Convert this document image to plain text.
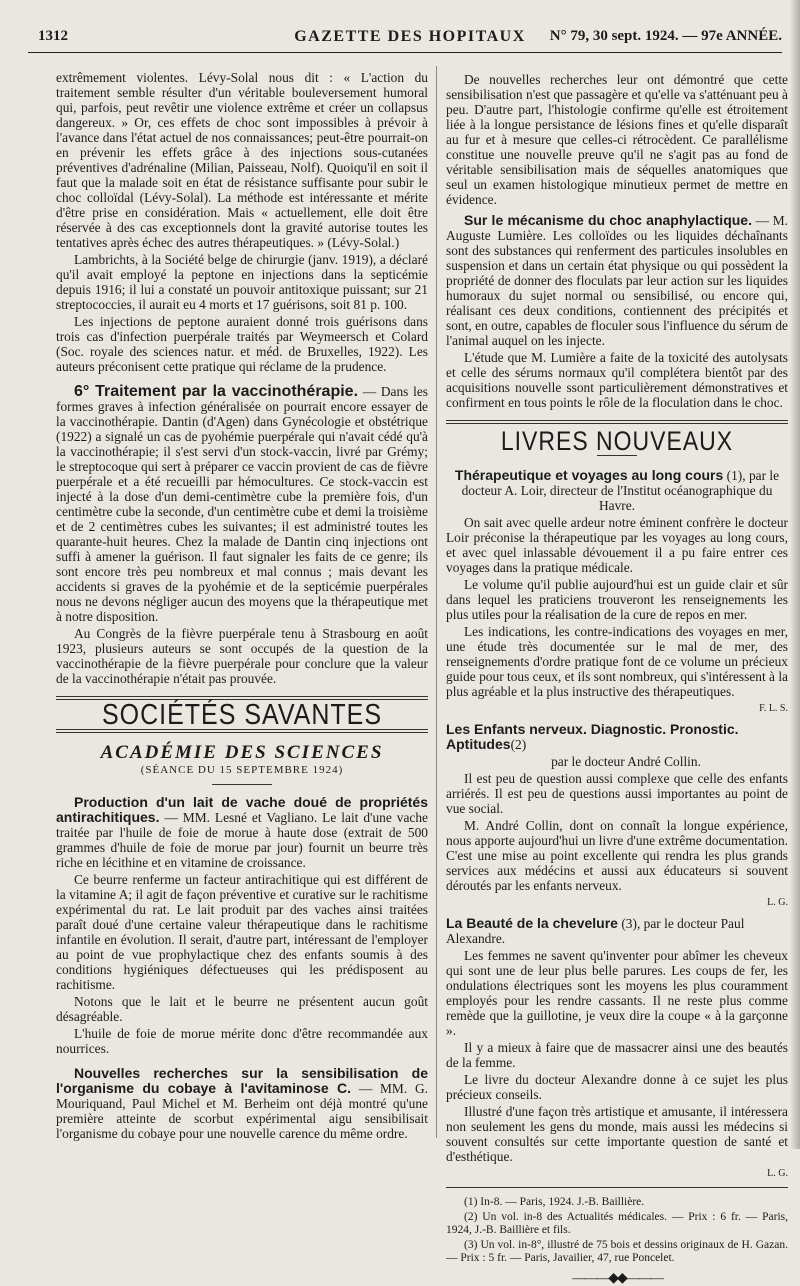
1312	GAZETTE DES HOPITAUX	N° 79, 30 sept. 1924. — 97e ANNÉE.

extrêmement violentes. Lévy-Solal nous dit : « L'action du traitement semble résulter d'un véritable bouleversement humoral qui, parfois, peut revêtir une violence extrême et créer un collapsus dangereux. » Or, ces effets de choc sont impossibles à prévoir à l'avance dans l'état actuel de nos connaissances; peut-être pourrait-on en prévenir les effets grâce à des injections sous-cutanées préventives d'adrénaline (Milian, Paisseau, Nolf). Quoiqu'il en soit il faut que la malade soit en état de résistance suffisante pour subir le choc colloïdal (Lévy-Solal). La méthode est intéressante et mérite d'être prise en considération. Mais « actuellement, elle doit être réservée à des cas exceptionnels dont la gravité autorise toutes les tentatives après échec des autres thérapeutiques. » (Lévy-Solal.)

Lambrichts, à la Société belge de chirurgie (janv. 1919), a déclaré qu'il avait employé la peptone en injections dans la septicémie depuis 1916; il lui a constaté un pouvoir antitoxique puissant; sur 21 streptococcies, il aurait eu 4 morts et 17 guérisons, soit 81 p. 100.

Les injections de peptone auraient donné trois guérisons dans trois cas d'infection puerpérale traités par Weymeersch et Colard (Soc. royale des sciences natur. et méd. de Bruxelles, 1922). Les auteurs préconisent cette pratique qui réclame de la prudence.

6° Traitement par la vaccinothérapie. — Dans les formes graves à infection généralisée on pourrait encore essayer de la vaccinothérapie. Dantin (d'Agen) dans Gynécologie et obstétrique (1922) a signalé un cas de pyohémie puerpérale qui n'avait cédé qu'à la vaccinothérapie; il s'est servi d'un stock-vaccin, livré par Grémy; le streptocoque qui sert à préparer ce vaccin provient de cas de fièvre puerpérale et a été recueilli par hémocultures. Ce stock-vaccin est injecté à la dose d'un demi-centimètre cube la première fois, d'un centimètre cube la seconde, d'un centimètre cube et demi la troisième et de 2 centimètres cubes les suivantes; il est administré toutes les quarante-huit heures. Chez la malade de Dantin cinq injections ont suffi à amener la guérison. Il faut signaler les faits de ce genre; ils sont encore très peu nombreux et mal connus ; mais devant les accidents si graves de la pyohémie et de la septicémie puerpérales nous ne devons négliger aucun des moyens que la thérapeutique met à notre disposition.

Au Congrès de la fièvre puerpérale tenu à Strasbourg en août 1923, plusieurs auteurs se sont occupés de la question de la vaccinothérapie de la fièvre puerpérale pour conclure que la valeur de la vaccinothérapie n'était pas prouvée.

SOCIÉTÉS SAVANTES
ACADÉMIE DES SCIENCES
(SÉANCE DU 15 SEPTEMBRE 1924)

Production d'un lait de vache doué de propriétés antirachitiques. — MM. Lesné et Vagliano. Le lait d'une vache traitée par l'huile de foie de morue à haute dose (extrait de 500 grammes d'huile de foie de morue par jour) fournit un beurre très riche en lécithine et en vitamine de croissance.

Ce beurre renferme un facteur antirachitique qui est différent de la vitamine A; il agit de façon préventive et curative sur le rachitisme expérimental du rat. Le lait produit par des vaches ainsi traitées paraît doué d'une certaine valeur thérapeutique dans le rachitisme infantile en évolution. Il serait, d'autre part, intéressant de l'employer au point de vue prophylactique chez des enfants soumis à des conditions hygiéniques défectueuses qui les prédisposent au rachitisme.

Notons que le lait et le beurre ne présentent aucun goût désagréable.

L'huile de foie de morue mérite donc d'être recommandée aux nourrices.

Nouvelles recherches sur la sensibilisation de l'organisme du cobaye à l'avitaminose C. — MM. G. Mouriquand, Paul Michel et M. Berheim ont déjà montré qu'une première atteinte de scorbut expérimental aigu sensibilisait l'organisme du cobaye pour une nouvelle carence du même ordre.

De nouvelles recherches leur ont démontré que cette sensibilisation n'est que passagère et qu'elle va s'atténuant peu à peu. D'autre part, l'histologie confirme qu'elle est étroitement liée à la longue persistance de lésions fines et qu'elle disparaît au fur et à mesure que celles-ci rétrocèdent. Ce parallélisme constitue une nouvelle preuve qu'il ne s'agit pas au fond de véritable sensibilisation mais de séquelles anatomiques que seul un examen histologique minutieux permet de mettre en évidence.

Sur le mécanisme du choc anaphylactique. — M. Auguste Lumière. Les colloïdes ou les liquides déchaînants sont des substances qui renferment des particules insolubles en suspension et dans un certain état physique ou qui possèdent la propriété de donner des floculats par leur action sur les liquides humoraux du sujet normal ou sensibilisé, ou encore qui, réalisant ces deux conditions, contiennent des précipités et sont, en outre, capables de floculer sous l'influence du sérum de l'animal auquel on les injecte.

L'étude que M. Lumière a faite de la toxicité des autolysats et celle des sérums normaux qu'il complétera bientôt par des acquisitions nouvelle ssont particulièrement démonstratives et confirment en tous points le rôle de la floculation dans le choc.

LIVRES NOUVEAUX

Thérapeutique et voyages au long cours (1), par le docteur A. Loir, directeur de l'Institut océanographique du Havre.

On sait avec quelle ardeur notre éminent confrère le docteur Loir préconise la thérapeutique par les voyages au long cours, et avec quel inlassable dévouement il a pu faire entrer ces voyages dans la pratique médicale.

Le volume qu'il publie aujourd'hui est un guide clair et sûr dans lequel les praticiens trouveront les renseignements les plus utiles pour la réalisation de la cure de repos en mer.

Les indications, les contre-indications des voyages en mer, une étude très documentée sur le mal de mer, des renseignements d'ordre pratique font de ce volume un précieux guide pour tous ceux, et ils sont nombreux, qui s'intéressent à la plus agréable et la plus instructive des thérapeutiques.

F. L. S.

Les Enfants nerveux. Diagnostic. Pronostic. Aptitudes(2)

par le docteur André Collin.

Il est peu de question aussi complexe que celle des enfants arriérés. Il est peu de questions aussi importantes au point de vue social.

M. André Collin, dont on connaît la longue expérience, nous apporte aujourd'hui un livre d'une extrême documentation. C'est une mise au point excellente qui rendra les plus grands services aux médécins et aussi aux éducateurs si souvent déroutés par les enfants nerveux.

L. G.

La Beauté de la chevelure (3), par le docteur Paul Alexandre.

Les femmes ne savent qu'inventer pour abîmer les cheveux qui sont une de leur plus belle parures. Les coups de fer, les ondulations électriques sont les moyens les plus couramment employés pour les rendre cassants. Il ne reste plus comme remède que la guillotine, je veux dire la coupe « à la garçonne ».

Il y a mieux à faire que de massacrer ainsi une des beautés de la femme.

Le livre du docteur Alexandre donne à ce sujet les plus précieux conseils.

Illustré d'une façon très artistique et amusante, il intéressera non seulement les gens du monde, mais aussi les médecins si souvent consultés sur cette importante question de santé et d'esthétique.

L. G.

(1) In-8. — Paris, 1924. J.-B. Baillière.

(2) Un vol. in-8 des Actualités médicales. — Prix : 6 fr. — Paris, 1924, J.-B. Baillière et fils.

(3) Un vol. in-8°, illustré de 75 bois et dessins originaux de H. Gazan. — Prix : 5 fr. — Paris, Javailier, 47, rue Poncelet.

———◆◆———
